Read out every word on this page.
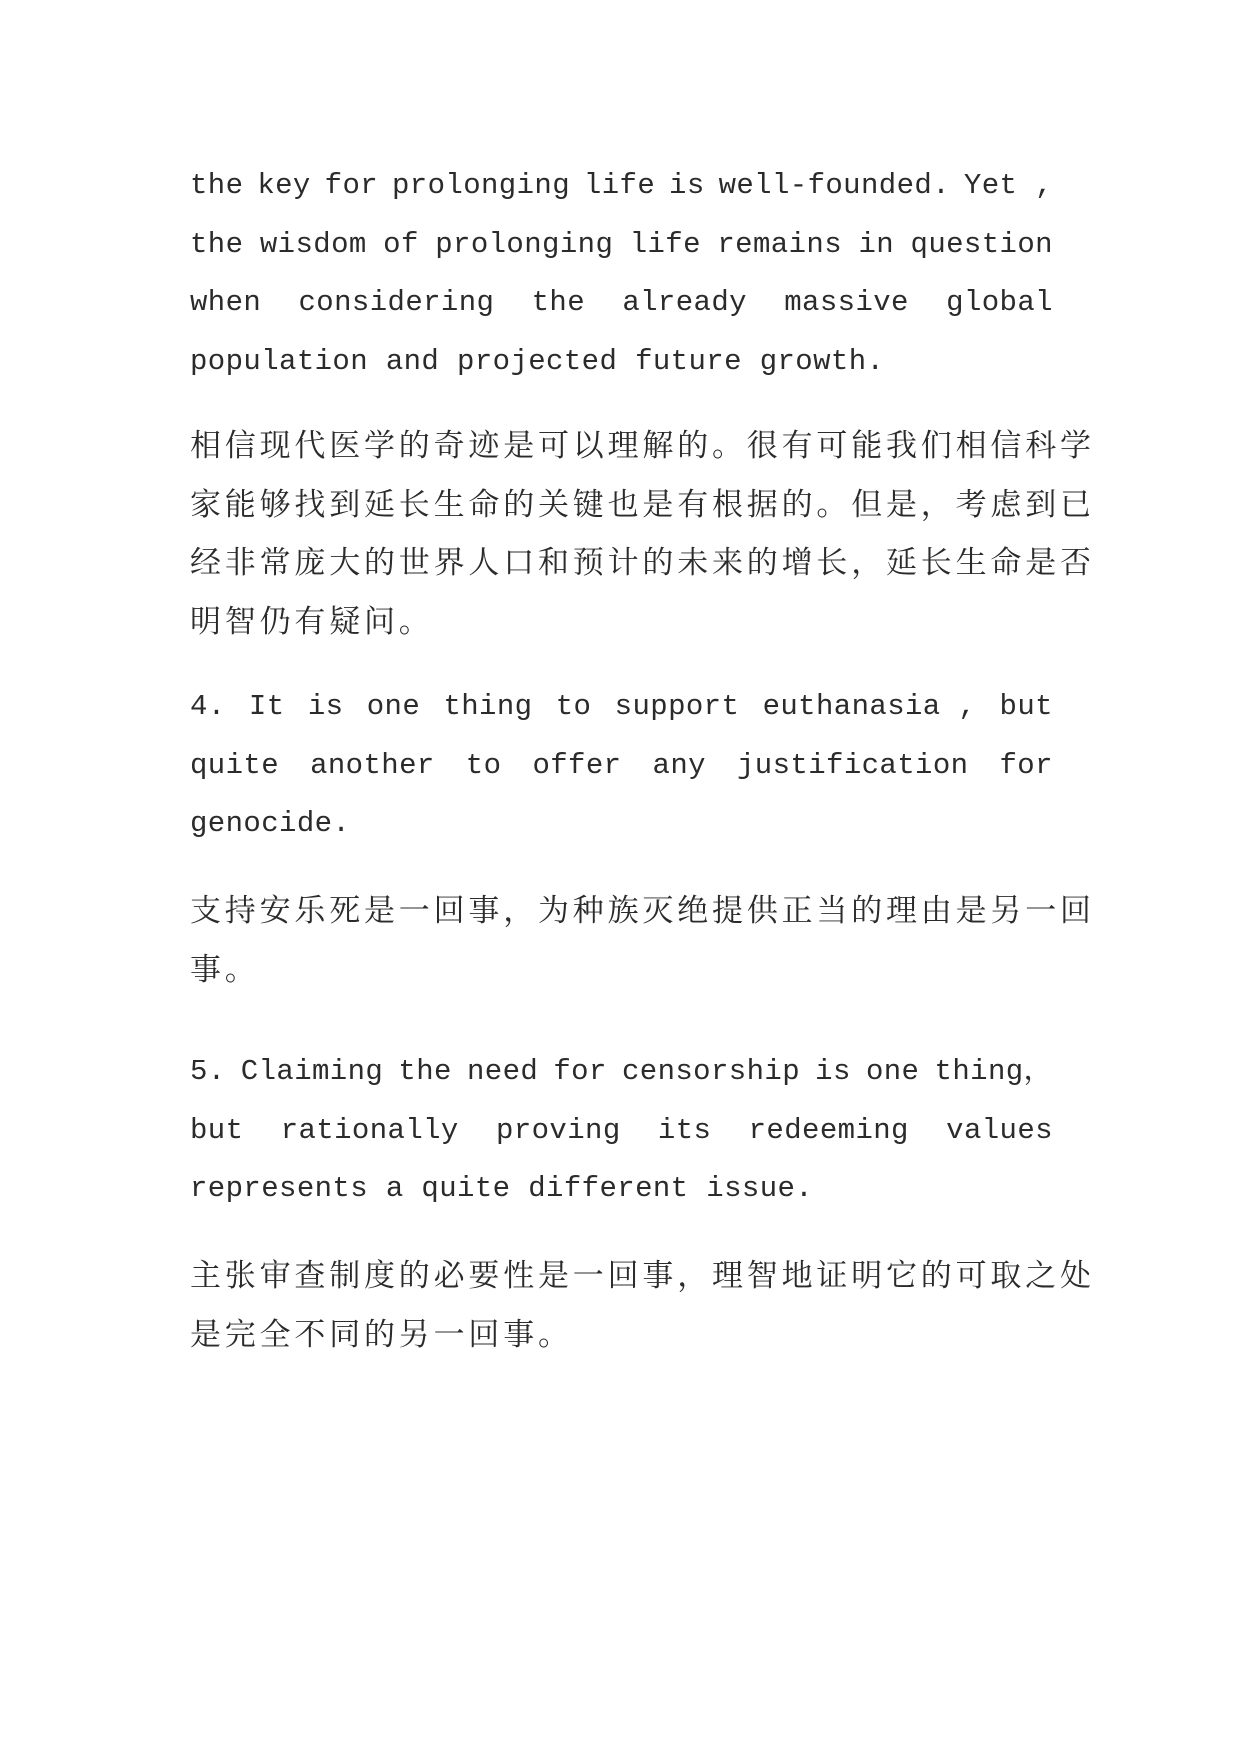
the key for prolonging life is well-founded. Yet ,
the wisdom of prolonging life remains in question
when considering the already massive global
population and projected future growth.
相信现代医学的奇迹是可以理解的。很有可能我们相信科学
家能够找到延长生命的关键也是有根据的。但是，考虑到已
经非常庞大的世界人口和预计的未来的增长，延长生命是否
明智仍有疑问。
4. It is one thing to support euthanasia , but
quite another to offer any justification for
genocide.
支持安乐死是一回事，为种族灭绝提供正当的理由是另一回
事。
5. Claiming the need for censorship is one thing，
but rationally proving its redeeming values
represents a quite different issue.
主张审查制度的必要性是一回事，理智地证明它的可取之处
是完全不同的另一回事。
